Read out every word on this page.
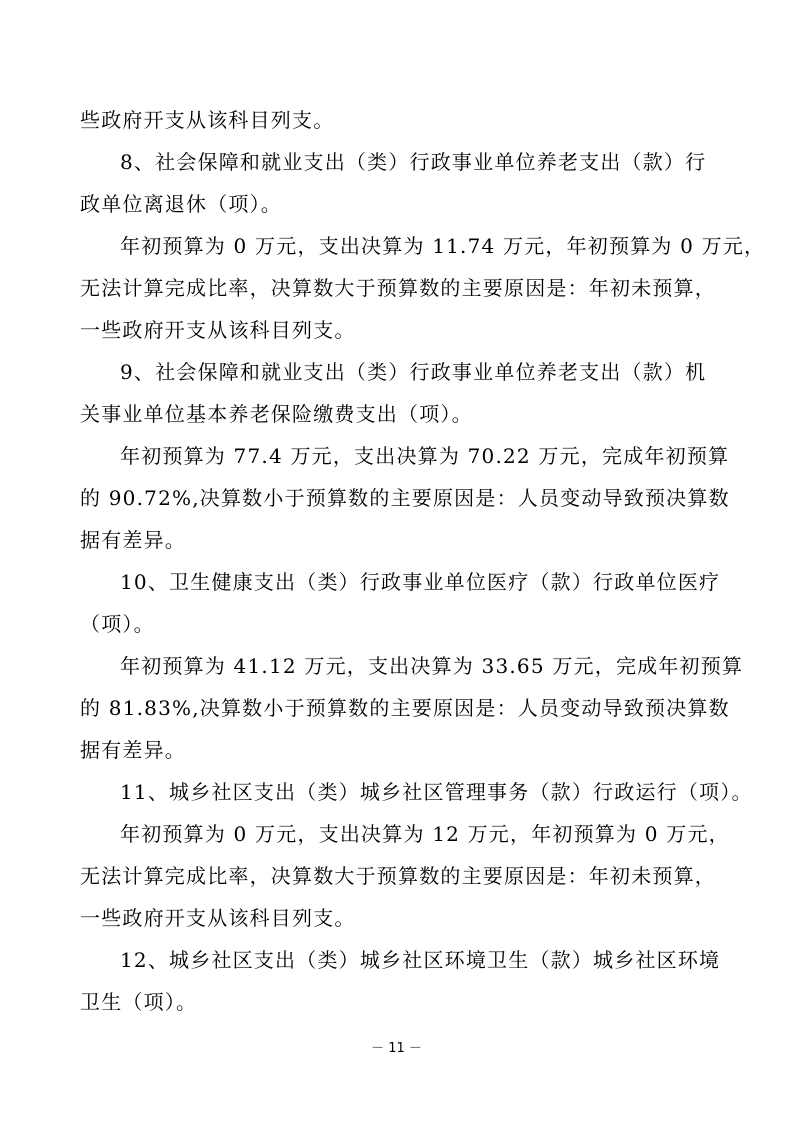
些政府开支从该科目列支。
8、社会保障和就业支出（类）行政事业单位养老支出（款）行
政单位离退休（项）。
年初预算为 0 万元，支出决算为 11.74 万元，年初预算为 0 万元，
无法计算完成比率，决算数大于预算数的主要原因是：年初未预算，
一些政府开支从该科目列支。
9、社会保障和就业支出（类）行政事业单位养老支出（款）机
关事业单位基本养老保险缴费支出（项）。
年初预算为 77.4 万元，支出决算为 70.22 万元，完成年初预算
的 90.72%,决算数小于预算数的主要原因是：人员变动导致预决算数
据有差异。
10、卫生健康支出（类）行政事业单位医疗（款）行政单位医疗
（项）。
年初预算为 41.12 万元，支出决算为 33.65 万元，完成年初预算
的 81.83%,决算数小于预算数的主要原因是：人员变动导致预决算数
据有差异。
11、城乡社区支出（类）城乡社区管理事务（款）行政运行（项）。
年初预算为 0 万元，支出决算为 12 万元，年初预算为 0 万元，
无法计算完成比率，决算数大于预算数的主要原因是：年初未预算，
一些政府开支从该科目列支。
12、城乡社区支出（类）城乡社区环境卫生（款）城乡社区环境
卫生（项）。
－ 11 －
